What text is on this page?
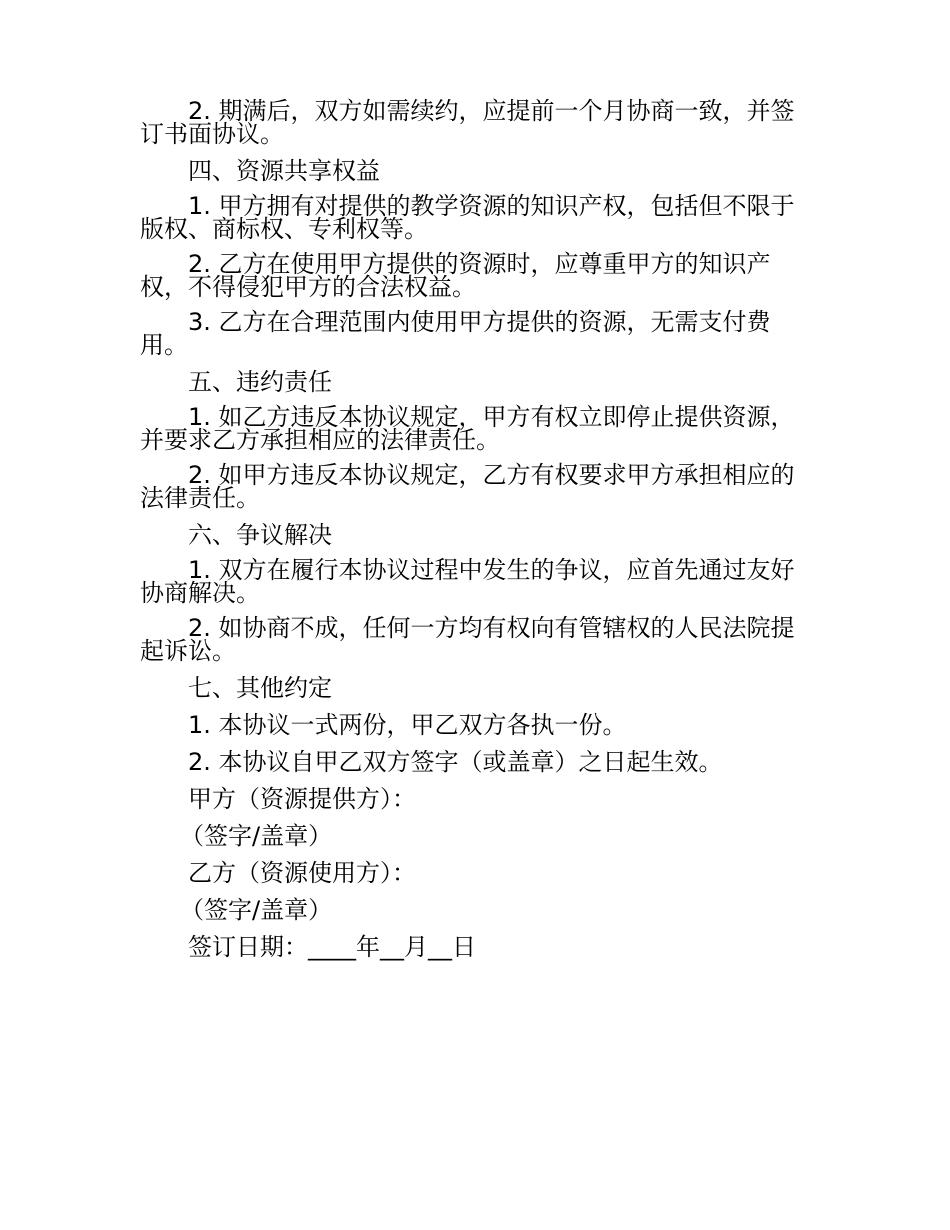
2. 期满后，双方如需续约，应提前一个月协商一致，并签订书面协议。

四、资源共享权益

1. 甲方拥有对提供的教学资源的知识产权，包括但不限于版权、商标权、专利权等。

2. 乙方在使用甲方提供的资源时，应尊重甲方的知识产权，不得侵犯甲方的合法权益。

3. 乙方在合理范围内使用甲方提供的资源，无需支付费用。

五、违约责任

1. 如乙方违反本协议规定，甲方有权立即停止提供资源，并要求乙方承担相应的法律责任。

2. 如甲方违反本协议规定，乙方有权要求甲方承担相应的法律责任。

六、争议解决

1. 双方在履行本协议过程中发生的争议，应首先通过友好协商解决。

2. 如协商不成，任何一方均有权向有管辖权的人民法院提起诉讼。

七、其他约定

1. 本协议一式两份，甲乙双方各执一份。

2. 本协议自甲乙双方签字（或盖章）之日起生效。

甲方（资源提供方）：

（签字/盖章）

乙方（资源使用方）：

（签字/盖章）

签订日期：____年__月__日
